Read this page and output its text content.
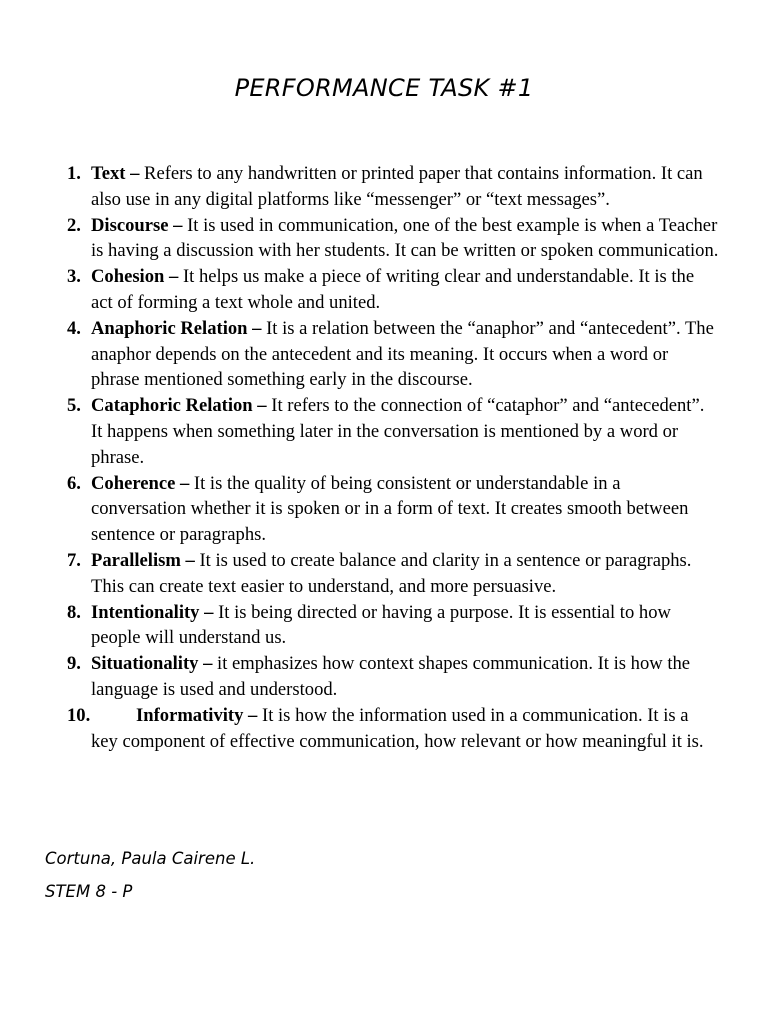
PERFORMANCE TASK #1
1. Text – Refers to any handwritten or printed paper that contains information. It can also use in any digital platforms like “messenger” or “text messages”.
2. Discourse – It is used in communication, one of the best example is when a Teacher is having a discussion with her students. It can be written or spoken communication.
3. Cohesion – It helps us make a piece of writing clear and understandable. It is the act of forming a text whole and united.
4. Anaphoric Relation – It is a relation between the “anaphor” and “antecedent”. The anaphor depends on the antecedent and its meaning. It occurs when a word or phrase mentioned something early in the discourse.
5. Cataphoric Relation – It refers to the connection of “cataphor” and “antecedent”. It happens when something later in the conversation is mentioned by a word or phrase.
6. Coherence – It is the quality of being consistent or understandable in a conversation whether it is spoken or in a form of text. It creates smooth between sentence or paragraphs.
7. Parallelism – It is used to create balance and clarity in a sentence or paragraphs. This can create text easier to understand, and more persuasive.
8. Intentionality – It is being directed or having a purpose. It is essential to how people will understand us.
9. Situationality – it emphasizes how context shapes communication. It is how the language is used and understood.
10.	Informativity – It is how the information used in a communication. It is a key component of effective communication, how relevant or how meaningful it is.

Cortuna, Paula Cairene L.

STEM 8 - P
